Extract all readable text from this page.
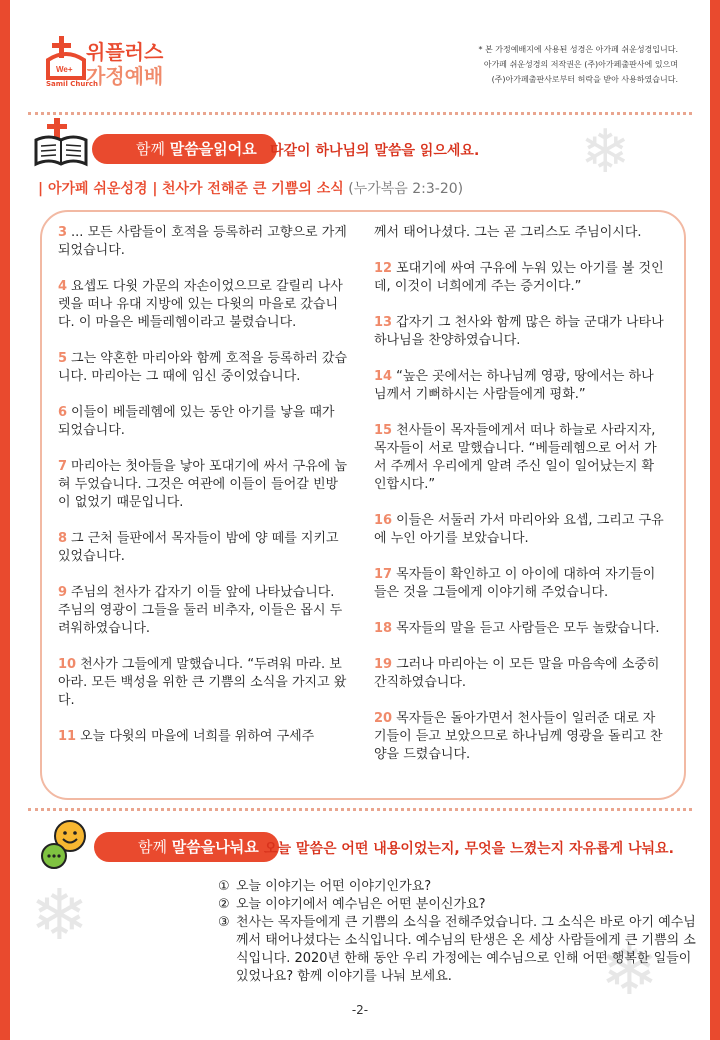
We+
위플러스
가정예배
Samil Church
* 본 가정예배지에 사용된 성경은 아가페 쉬운성경입니다.
아가페 쉬운성경의 저작권은 (주)아가페출판사에 있으며
(주)아가페출판사로부터 허락을 받아 사용하였습니다.
함께 말씀을읽어요 다같이 하나님의 말씀을 읽으세요. ❄
| 아가페 쉬운성경 | 천사가 전해준 큰 기쁨의 소식 (누가복음 2:3-20)
3 ... 모든 사람들이 호적을 등록하러 고향으로 가게 되었습니다.
4 요셉도 다윗 가문의 자손이었으므로 갈릴리 나사렛을 떠나 유대 지방에 있는 다윗의 마을로 갔습니다. 이 마을은 베들레헴이라고 불렸습니다.
5 그는 약혼한 마리아와 함께 호적을 등록하러 갔습니다. 마리아는 그 때에 임신 중이었습니다.
6 이들이 베들레헴에 있는 동안 아기를 낳을 때가 되었습니다.
7 마리아는 첫아들을 낳아 포대기에 싸서 구유에 눕혀 두었습니다. 그것은 여관에 이들이 들어갈 빈방이 없었기 때문입니다.
8 그 근처 들판에서 목자들이 밤에 양 떼를 지키고 있었습니다.
9 주님의 천사가 갑자기 이들 앞에 나타났습니다. 주님의 영광이 그들을 둘러 비추자, 이들은 몹시 두려워하였습니다.
10 천사가 그들에게 말했습니다. “두려워 마라. 보아라. 모든 백성을 위한 큰 기쁨의 소식을 가지고 왔다.
11 오늘 다윗의 마을에 너희를 위하여 구세주
께서 태어나셨다. 그는 곧 그리스도 주님이시다.
12 포대기에 싸여 구유에 누워 있는 아기를 볼 것인데, 이것이 너희에게 주는 증거이다.”
13 갑자기 그 천사와 함께 많은 하늘 군대가 나타나 하나님을 찬양하였습니다.
14 “높은 곳에서는 하나님께 영광, 땅에서는 하나님께서 기뻐하시는 사람들에게 평화.”
15 천사들이 목자들에게서 떠나 하늘로 사라지자, 목자들이 서로 말했습니다. “베들레헴으로 어서 가서 주께서 우리에게 알려 주신 일이 일어났는지 확인합시다.”
16 이들은 서둘러 가서 마리아와 요셉, 그리고 구유에 누인 아기를 보았습니다.
17 목자들이 확인하고 이 아이에 대하여 자기들이 들은 것을 그들에게 이야기해 주었습니다.
18 목자들의 말을 듣고 사람들은 모두 놀랐습니다.
19 그러나 마리아는 이 모든 말을 마음속에 소중히 간직하였습니다.
20 목자들은 돌아가면서 천사들이 일러준 대로 자기들이 듣고 보았으므로 하나님께 영광을 돌리고 찬양을 드렸습니다.
함께 말씀을나눠요 오늘 말씀은 어떤 내용이었는지, 무엇을 느꼈는지 자유롭게 나눠요.
❄
❄
① 오늘 이야기는 어떤 이야기인가요?
② 오늘 이야기에서 예수님은 어떤 분이신가요?
③ 천사는 목자들에게 큰 기쁨의 소식을 전해주었습니다. 그 소식은 바로 아기 예수님께서 태어나셨다는 소식입니다. 예수님의 탄생은 온 세상 사람들에게 큰 기쁨의 소식입니다. 2020년 한해 동안 우리 가정에는 예수님으로 인해 어떤 행복한 일들이 있었나요? 함께 이야기를 나눠 보세요.
-2-
